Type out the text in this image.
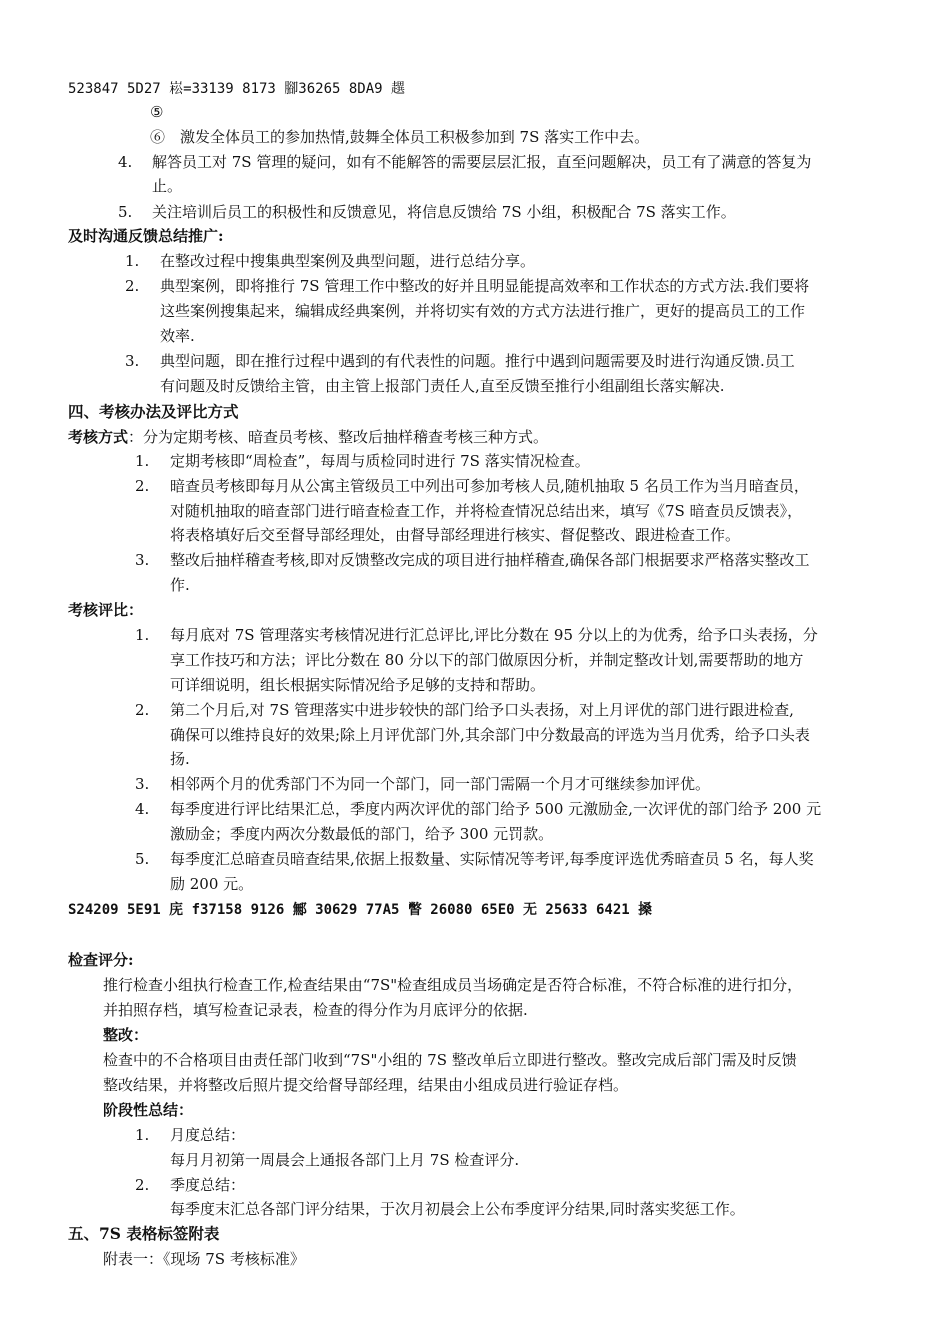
523847 5D27 崧=33139 8173 腳36265 8DA9 趩
⑤
⑥　激发全体员工的参加热情,鼓舞全体员工积极参加到 7S 落实工作中去。
4. 解答员工对 7S 管理的疑问，如有不能解答的需要层层汇报，直至问题解决，员工有了满意的答复为
止。
5. 关注培训后员工的积极性和反馈意见，将信息反馈给 7S 小组，积极配合 7S 落实工作。
及时沟通反馈总结推广:
1. 在整改过程中搜集典型案例及典型问题，进行总结分享。
2. 典型案例，即将推行 7S 管理工作中整改的好并且明显能提高效率和工作状态的方式方法.我们要将
这些案例搜集起来，编辑成经典案例，并将切实有效的方式方法进行推广，更好的提高员工的工作
效率.
3. 典型问题，即在推行过程中遇到的有代表性的问题。推行中遇到问题需要及时进行沟通反馈.员工
有问题及时反馈给主管，由主管上报部门责任人,直至反馈至推行小组副组长落实解决.
四、考核办法及评比方式
考核方式：分为定期考核、暗查员考核、整改后抽样稽查考核三种方式。
1. 定期考核即“周检查”，每周与质检同时进行 7S 落实情况检查。
2. 暗查员考核即每月从公寓主管级员工中列出可参加考核人员,随机抽取 5 名员工作为当月暗查员，
对随机抽取的暗查部门进行暗查检查工作，并将检查情况总结出来，填写《7S 暗查员反馈表》，
将表格填好后交至督导部经理处，由督导部经理进行核实、督促整改、跟进检查工作。
3. 整改后抽样稽查考核,即对反馈整改完成的项目进行抽样稽查,确保各部门根据要求严格落实整改工
作.
考核评比：
1. 每月底对 7S 管理落实考核情况进行汇总评比,评比分数在 95 分以上的为优秀，给予口头表扬，分
享工作技巧和方法；评比分数在 80 分以下的部门做原因分析，并制定整改计划,需要帮助的地方
可详细说明，组长根据实际情况给予足够的支持和帮助。
2. 第二个月后,对 7S 管理落实中进步较快的部门给予口头表扬，对上月评优的部门进行跟进检查,
确保可以维持良好的效果;除上月评优部门外,其余部门中分数最高的评选为当月优秀，给予口头表
扬.
3. 相邻两个月的优秀部门不为同一个部门，同一部门需隔一个月才可继续参加评优。
4. 每季度进行评比结果汇总，季度内两次评优的部门给予 500 元激励金,一次评优的部门给予 200 元
激励金；季度内两次分数最低的部门，给予 300 元罚款。
5. 每季度汇总暗查员暗查结果,依据上报数量、实际情况等考评,每季度评选优秀暗查员 5 名，每人奖
励 200 元。
S24209 5E91 庑 f37158 9126 鄦 30629 77A5 瞥 26080 65E0 无 25633 6421 搡
检查评分:
推行检查小组执行检查工作,检查结果由“7S"检查组成员当场确定是否符合标准，不符合标准的进行扣分，
并拍照存档，填写检查记录表，检查的得分作为月底评分的依据.
整改：
检查中的不合格项目由责任部门收到“7S"小组的 7S 整改单后立即进行整改。整改完成后部门需及时反馈
整改结果，并将整改后照片提交给督导部经理，结果由小组成员进行验证存档。
阶段性总结：
1. 月度总结：
每月月初第一周晨会上通报各部门上月 7S 检查评分.
2. 季度总结：
每季度末汇总各部门评分结果，于次月初晨会上公布季度评分结果,同时落实奖惩工作。
五、7S 表格标签附表
附表一：《现场 7S 考核标准》
